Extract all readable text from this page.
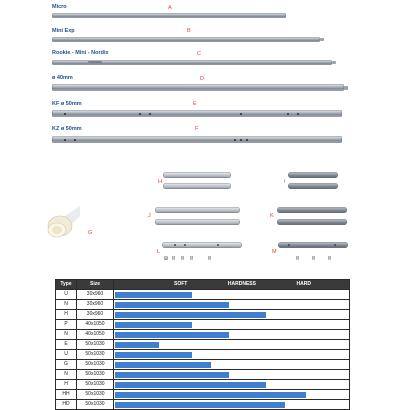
Micro	A
Mini Exp	B
Rookie - Mini - Nordix	C
ø 40mm	D
KF ø 50mm	E
KZ ø 50mm	F
H	I
J	K
L	M
G
Type	Size	SOFT HARDNESS HARD

U	30x960	

N	30x960	

H	30x960	

P	40x1050	

N	40x1050	

E	50x1030	

U	50x1030	

G	50x1030	

N	50x1030	

H	50x1030	

HH	50x1030	

HD	50x1030	
